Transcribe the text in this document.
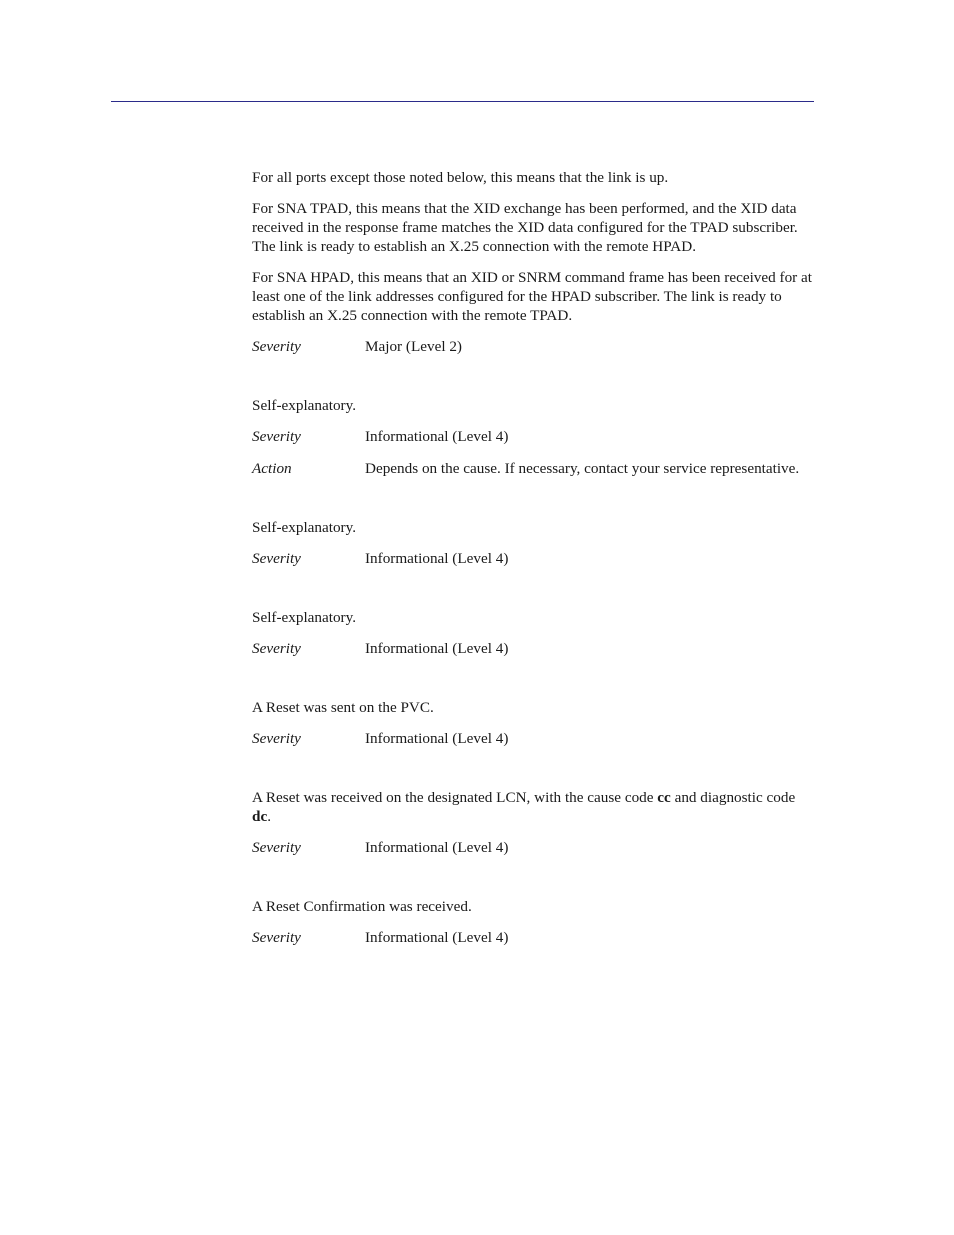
For all ports except those noted below, this means that the link is up.

For SNA TPAD, this means that the XID exchange has been performed, and the XID data received in the response frame matches the XID data configured for the TPAD subscriber. The link is ready to establish an X.25 connection with the remote HPAD.

For SNA HPAD, this means that an XID or SNRM command frame has been received for at least one of the link addresses configured for the HPAD subscriber. The link is ready to establish an X.25 connection with the remote TPAD.

Severity	Major (Level 2)

Self-explanatory.

Severity	Informational (Level 4)
Action	Depends on the cause. If necessary, contact your service representative.

Self-explanatory.

Severity	Informational (Level 4)

Self-explanatory.

Severity	Informational (Level 4)

A Reset was sent on the PVC.

Severity	Informational (Level 4)

A Reset was received on the designated LCN, with the cause code cc and diagnostic code dc.

Severity	Informational (Level 4)

A Reset Confirmation was received.

Severity	Informational (Level 4)
